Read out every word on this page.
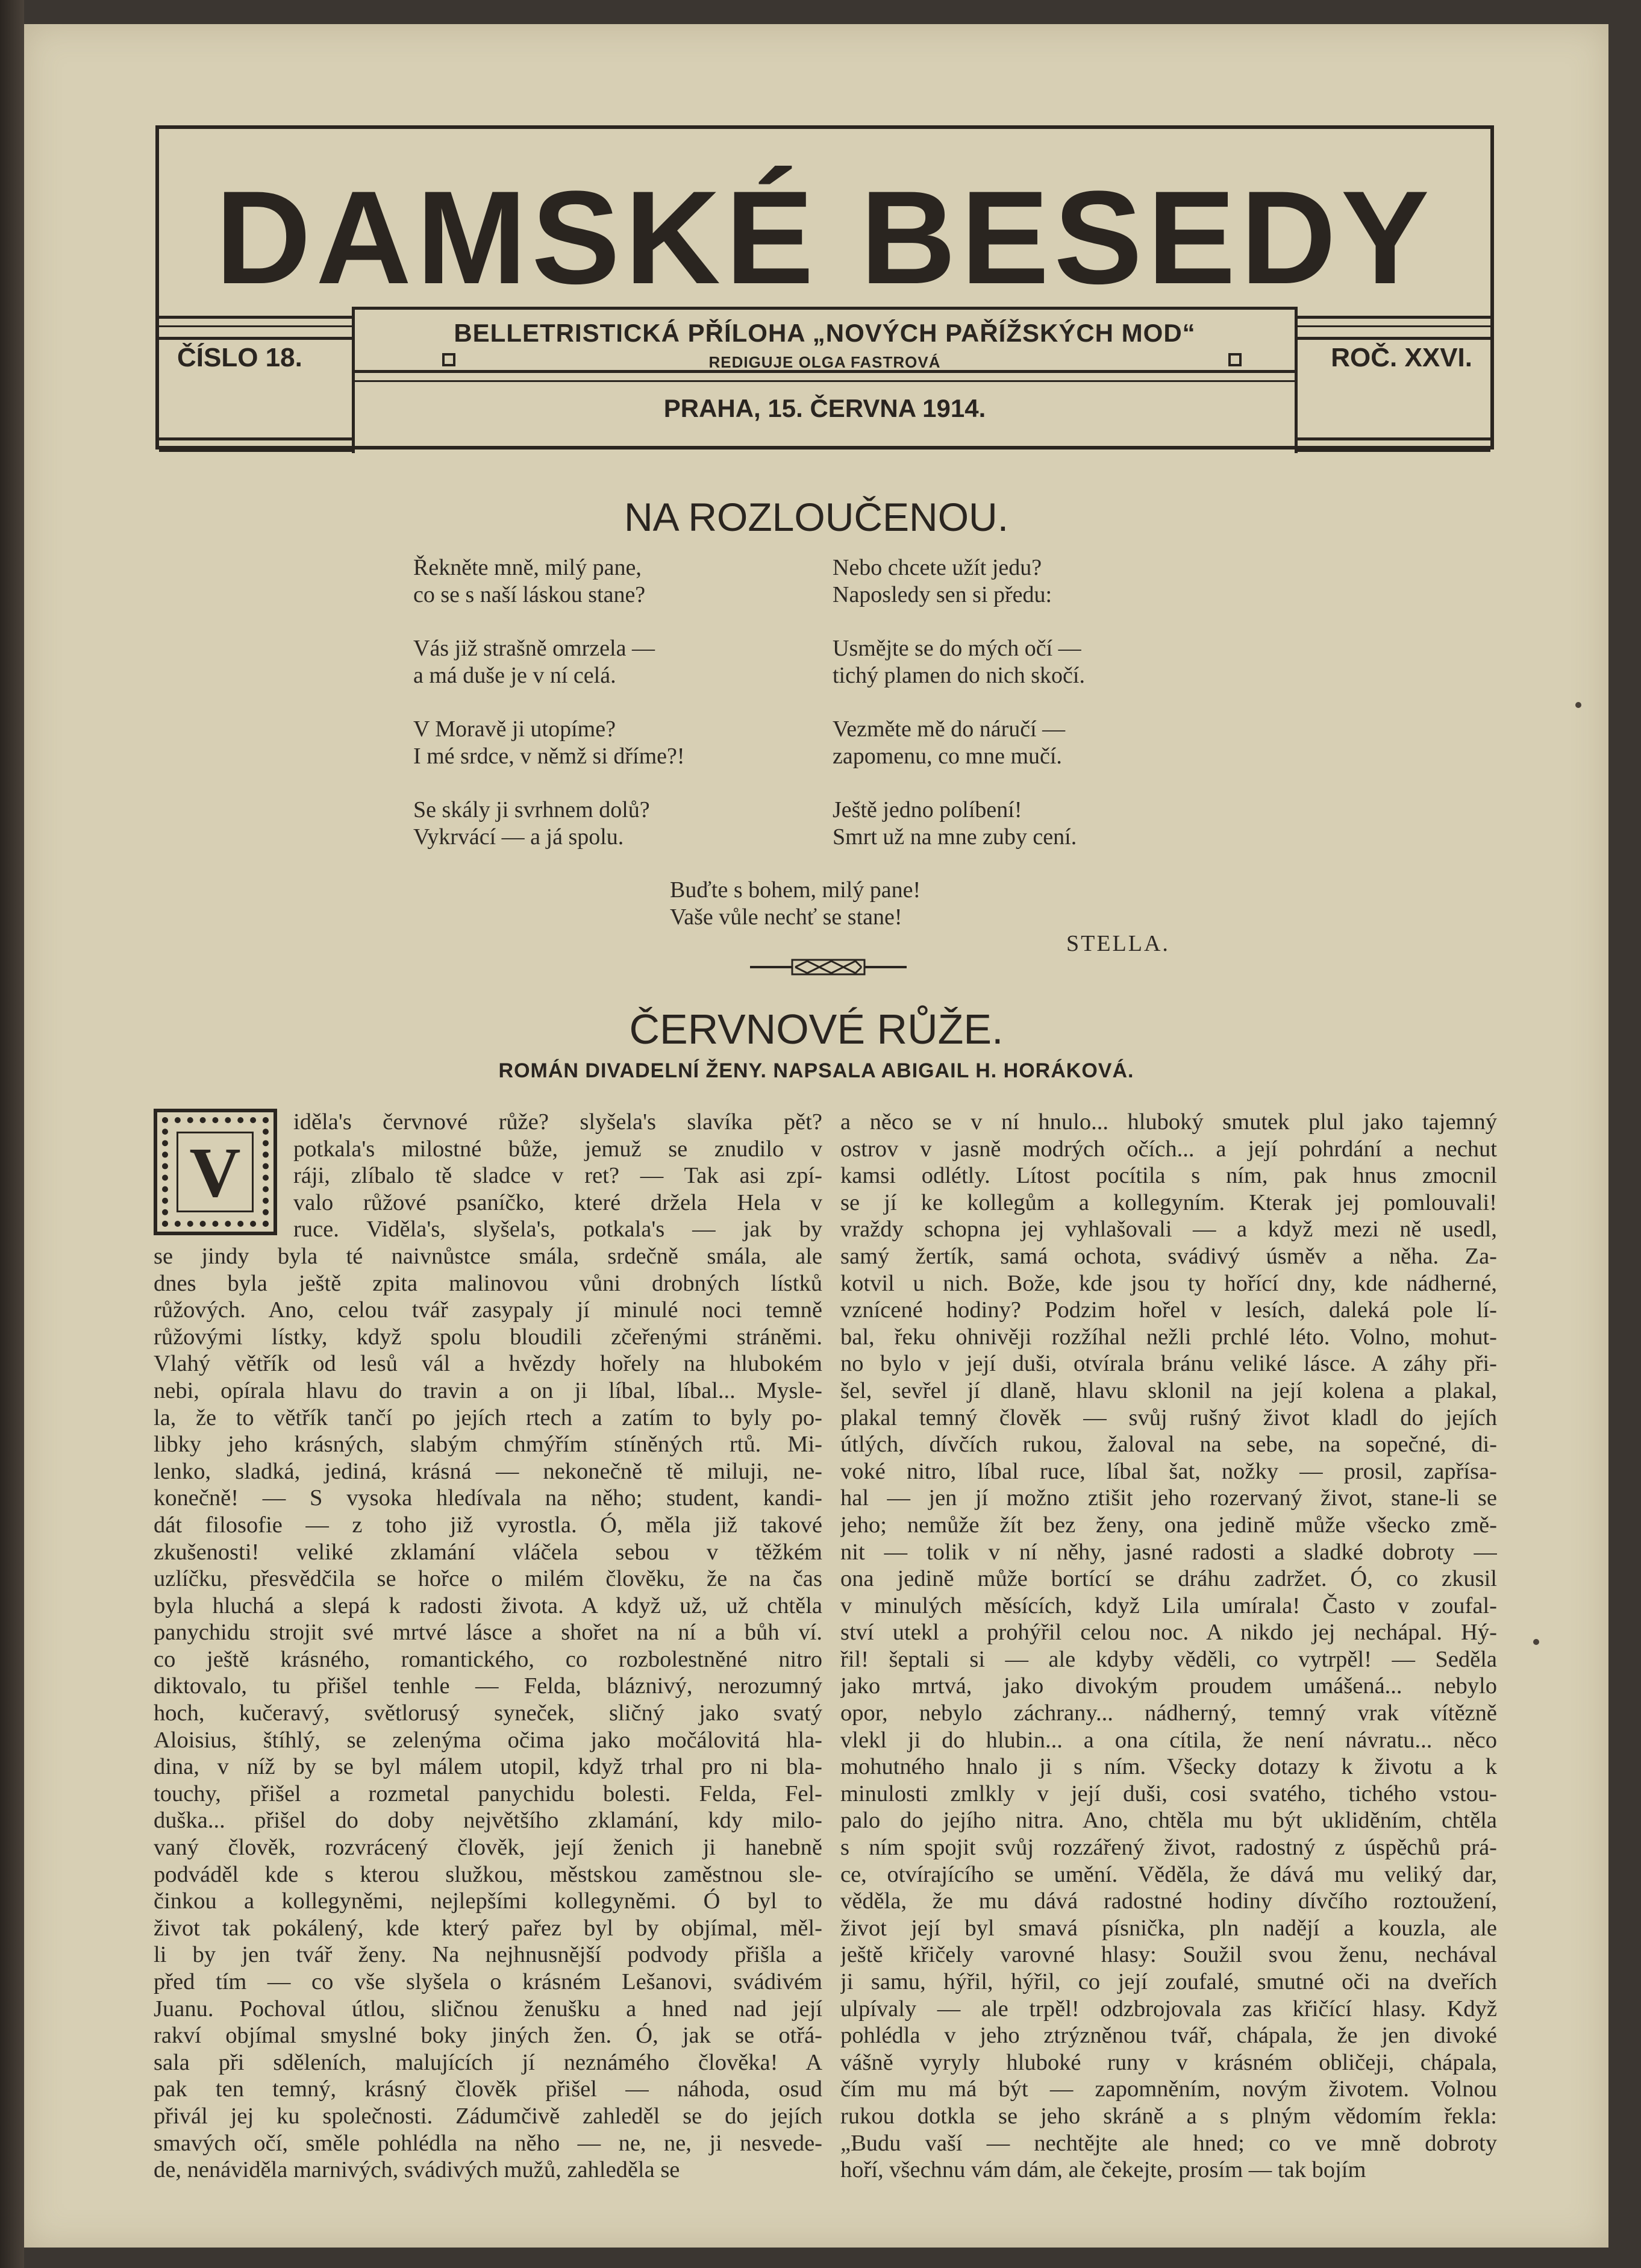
DAMSKÉ BESEDY
BELLETRISTICKÁ PŘÍLOHA „NOVÝCH PAŘÍŽSKÝCH MOD“
REDIGUJE OLGA FASTROVÁ
ČÍSLO 18.	ROČ. XXVI.
PRAHA, 15. ČERVNA 1914.
NA ROZLOUČENOU.
Řekněte mně, milý pane,
co se s naší láskou stane?
Vás již strašně omrzela —
a má duše je v ní celá.
V Moravě ji utopíme?
I mé srdce, v němž si dříme?!
Se skály ji svrhnem dolů?
Vykrvácí — a já spolu.
Nebo chcete užít jedu?
Naposledy sen si předu:
Usmějte se do mých očí —
tichý plamen do nich skočí.
Vezměte mě do náručí —
zapomenu, co mne mučí.
Ještě jedno políbení!
Smrt už na mne zuby cení.
Buďte s bohem, milý pane!
Vaše vůle nechť se stane!
STELLA.
ČERVNOVÉ RŮŽE.
ROMÁN DIVADELNÍ ŽENY. NAPSALA ABIGAIL H. HORÁKOVÁ.
V
iděla's červnové růže? slyšela's slavíka pět?
potkala's milostné bůže, jemuž se znudilo v
ráji, zlíbalo tě sladce v ret? — Tak asi zpí-
valo růžové psaníčko, které držela Hela v
ruce. Viděla's, slyšela's, potkala's — jak by
se jindy byla té naivnůstce smála, srdečně smála, ale
dnes byla ještě zpita malinovou vůni drobných lístků
růžových. Ano, celou tvář zasypaly jí minulé noci temně
růžovými lístky, když spolu bloudili zčeřenými stráněmi.
Vlahý větřík od lesů vál a hvězdy hořely na hlubokém
nebi, opírala hlavu do travin a on ji líbal, líbal... Mysle-
la, že to větřík tančí po jejích rtech a zatím to byly po-
libky jeho krásných, slabým chmýřím stíněných rtů. Mi-
lenko, sladká, jediná, krásná — nekonečně tě miluji, ne-
konečně! — S vysoka hledívala na něho; student, kandi-
dát filosofie — z toho již vyrostla. Ó, měla již takové
zkušenosti! veliké zklamání vláčela sebou v těžkém
uzlíčku, přesvědčila se hořce o milém člověku, že na čas
byla hluchá a slepá k radosti života. A když už, už chtěla
panychidu strojit své mrtvé lásce a shořet na ní a bůh ví.
co ještě krásného, romantického, co rozbolestněné nitro
diktovalo, tu přišel tenhle — Felda, bláznivý, nerozumný
hoch, kučeravý, světlorusý syneček, sličný jako svatý
Aloisius, štíhlý, se zelenýma očima jako močálovitá hla-
dina, v níž by se byl málem utopil, když trhal pro ni bla-
touchy, přišel a rozmetal panychidu bolesti. Felda, Fel-
duška... přišel do doby největšího zklamání, kdy milo-
vaný člověk, rozvrácený člověk, její ženich ji hanebně
podváděl kde s kterou služkou, městskou zaměstnou sle-
činkou a kollegyněmi, nejlepšími kollegyněmi. Ó byl to
život tak pokálený, kde který pařez byl by objímal, měl-
li by jen tvář ženy. Na nejhnusnější podvody přišla a
před tím — co vše slyšela o krásném Lešanovi, svádivém
Juanu. Pochoval útlou, sličnou ženušku a hned nad její
rakví objímal smyslné boky jiných žen. Ó, jak se otřá-
sala při sděleních, malujících jí neznámého člověka! A
pak ten temný, krásný člověk přišel — náhoda, osud
přivál jej ku společnosti. Zádumčivě zahleděl se do jejích
smavých očí, směle pohlédla na něho — ne, ne, ji nesvede-
de, nenáviděla marnivých, svádivých mužů, zahleděla se
a něco se v ní hnulo... hluboký smutek plul jako tajemný
ostrov v jasně modrých očích... a její pohrdání a nechut
kamsi odlétly. Lítost pocítila s ním, pak hnus zmocnil
se jí ke kollegům a kollegyním. Kterak jej pomlouvali!
vraždy schopna jej vyhlašovali — a když mezi ně usedl,
samý žertík, samá ochota, svádivý úsměv a něha. Za-
kotvil u nich. Bože, kde jsou ty hořící dny, kde nádherné,
vznícené hodiny? Podzim hořel v lesích, daleká pole lí-
bal, řeku ohnivěji rozžíhal nežli prchlé léto. Volno, mohut-
no bylo v její duši, otvírala bránu veliké lásce. A záhy při-
šel, sevřel jí dlaně, hlavu sklonil na její kolena a plakal,
plakal temný člověk — svůj rušný život kladl do jejích
útlých, dívčích rukou, žaloval na sebe, na sopečné, di-
voké nitro, líbal ruce, líbal šat, nožky — prosil, zapřísa-
hal — jen jí možno ztišit jeho rozervaný život, stane-li se
jeho; nemůže žít bez ženy, ona jedině může všecko změ-
nit — tolik v ní něhy, jasné radosti a sladké dobroty —
ona jedině může bortící se dráhu zadržet. Ó, co zkusil
v minulých měsících, když Lila umírala! Často v zoufal-
ství utekl a prohýřil celou noc. A nikdo jej nechápal. Hý-
řil! šeptali si — ale kdyby věděli, co vytrpěl! — Seděla
jako mrtvá, jako divokým proudem umášená... nebylo
opor, nebylo záchrany... nádherný, temný vrak vítězně
vlekl ji do hlubin... a ona cítila, že není návratu... něco
mohutného hnalo ji s ním. Všecky dotazy k životu a k
minulosti zmlkly v její duši, cosi svatého, tichého vstou-
palo do jejího nitra. Ano, chtěla mu být ukliděním, chtěla
s ním spojit svůj rozzářený život, radostný z úspěchů prá-
ce, otvírajícího se umění. Věděla, že dává mu veliký dar,
věděla, že mu dává radostné hodiny dívčího roztoužení,
život její byl smavá písnička, pln nadějí a kouzla, ale
ještě křičely varovné hlasy: Soužil svou ženu, nechával
ji samu, hýřil, hýřil, co její zoufalé, smutné oči na dveřích
ulpívaly — ale trpěl! odzbrojovala zas křičící hlasy. Když
pohlédla v jeho ztrýzněnou tvář, chápala, že jen divoké
vášně vyryly hluboké runy v krásném obličeji, chápala,
čím mu má být — zapomněním, novým životem. Volnou
rukou dotkla se jeho skráně a s plným vědomím řekla:
„Budu vaší — nechtějte ale hned; co ve mně dobroty
hoří, všechnu vám dám, ale čekejte, prosím — tak bojím
